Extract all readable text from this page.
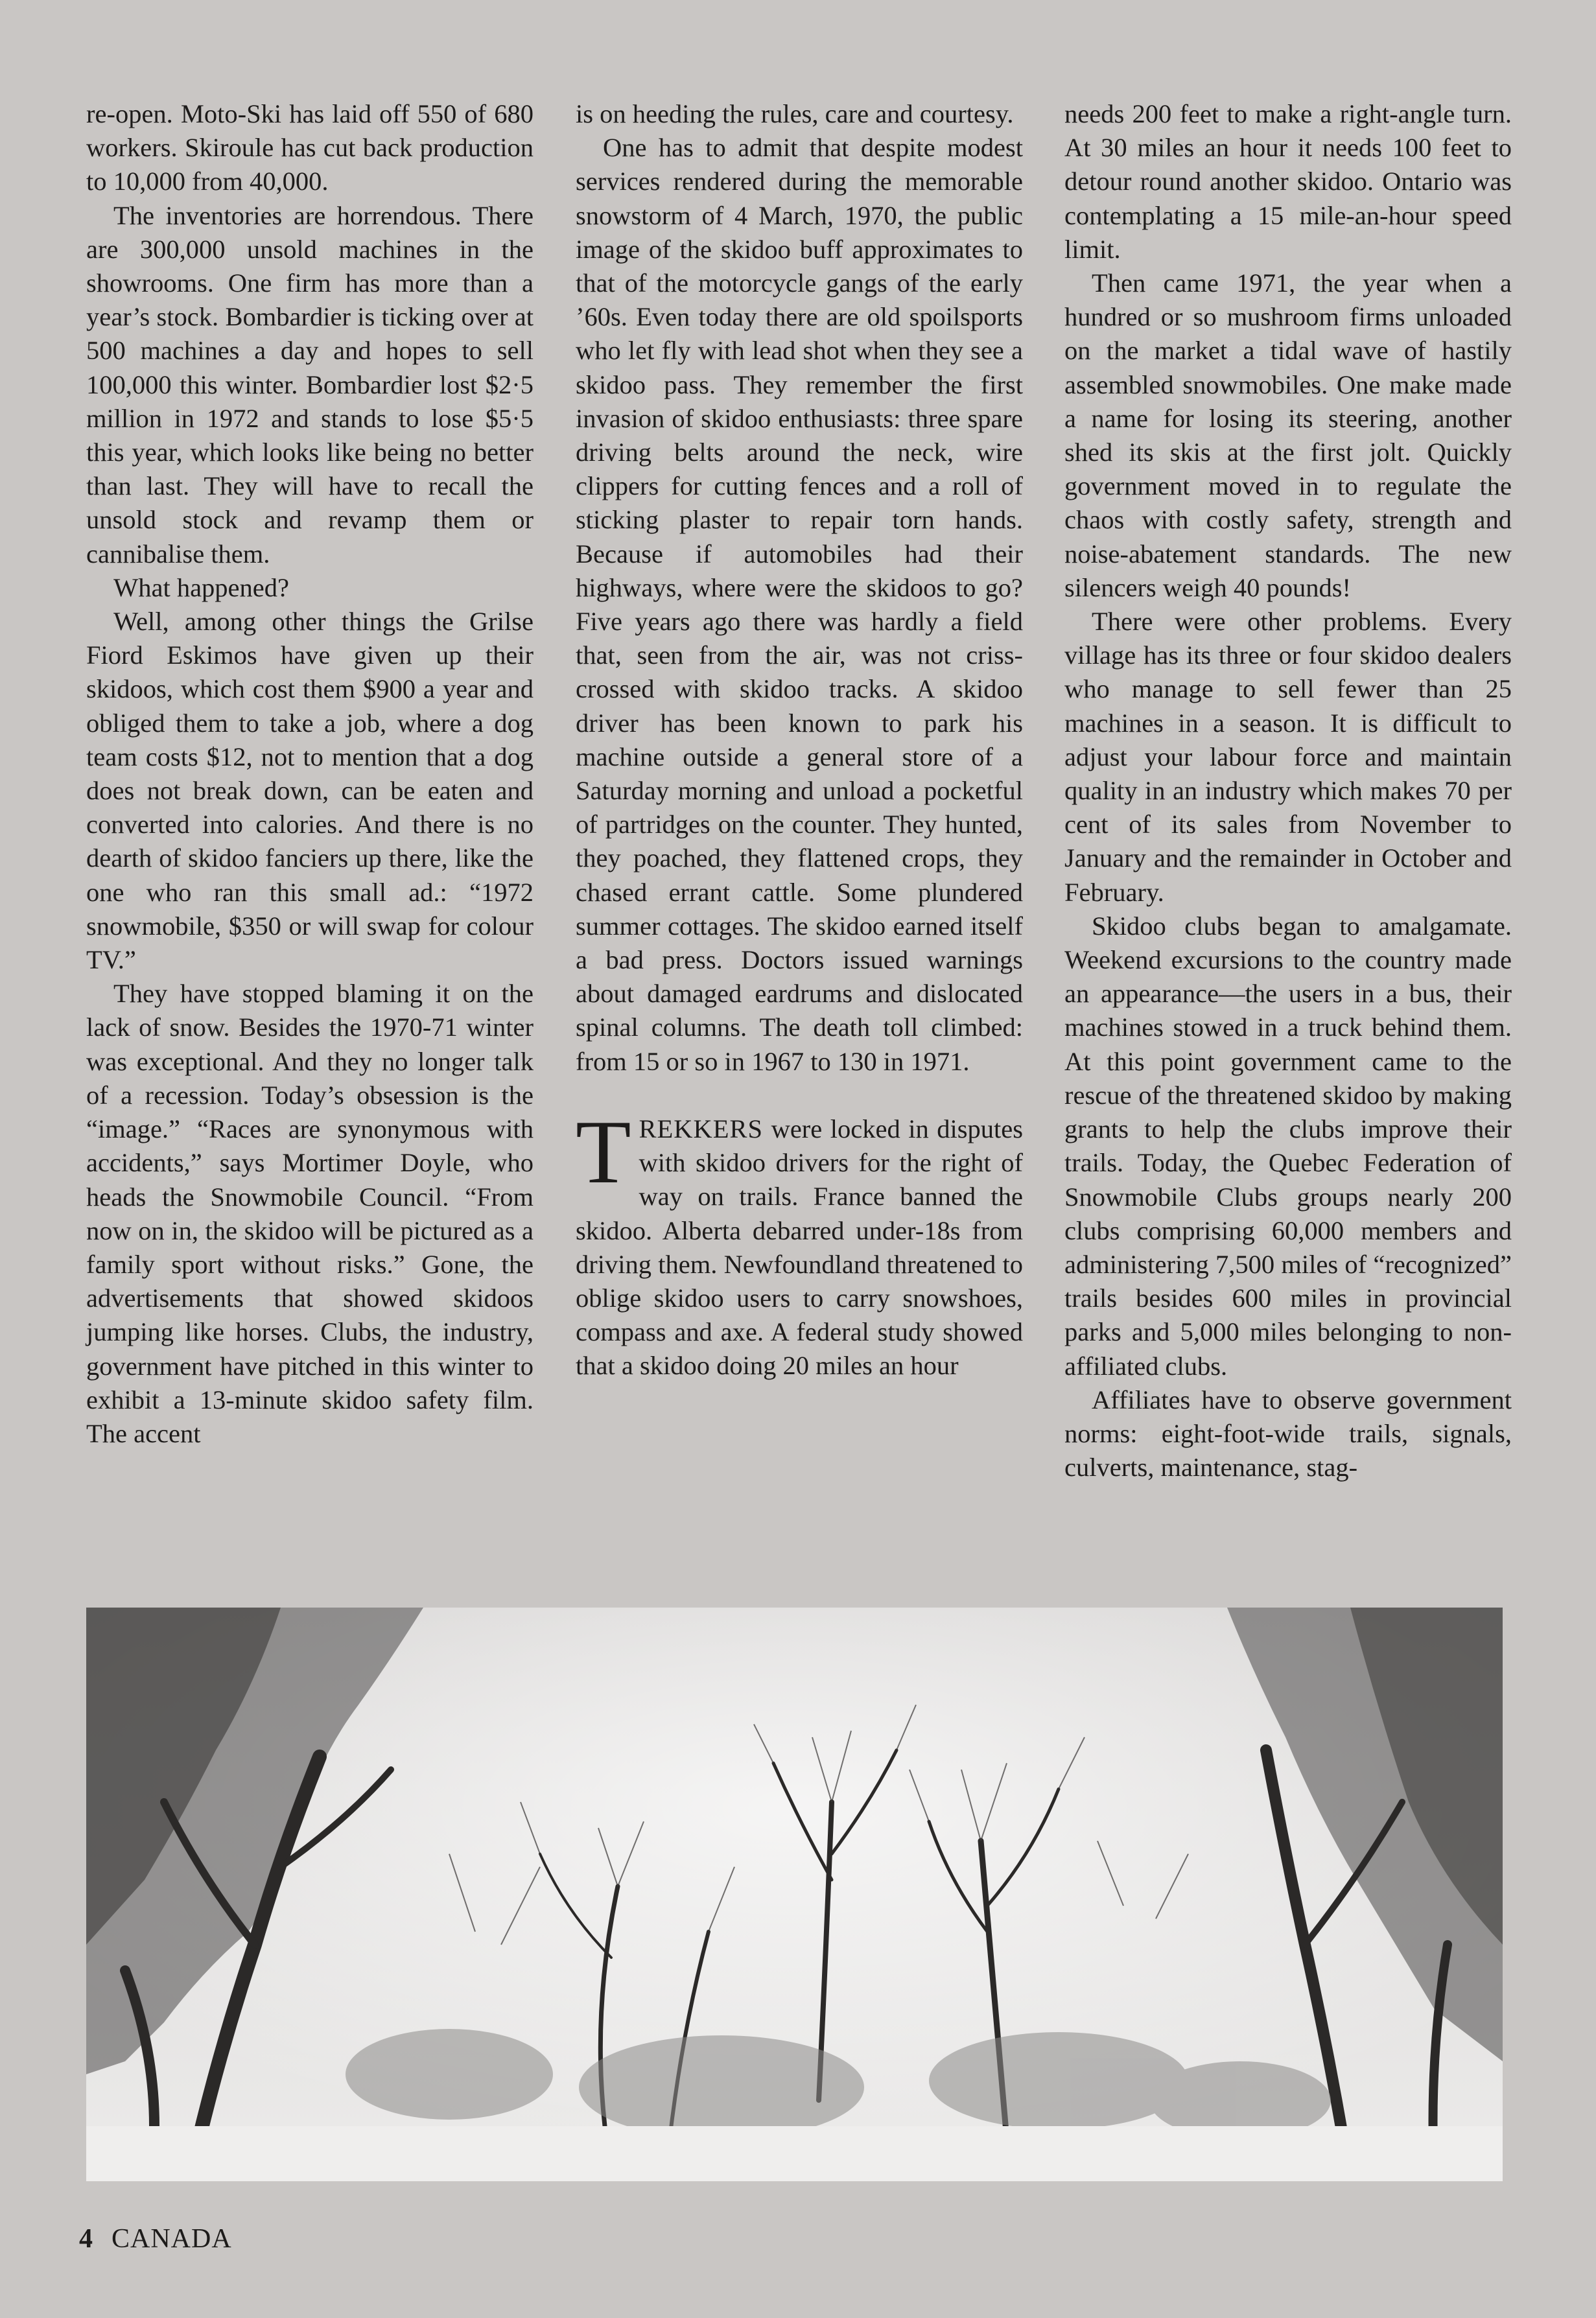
re-open. Moto-Ski has laid off 550 of 680 workers. Skiroule has cut back production to 10,000 from 40,000.

The inventories are horrendous. There are 300,000 unsold machines in the showrooms. One firm has more than a year’s stock. Bombardier is ticking over at 500 machines a day and hopes to sell 100,000 this winter. Bombardier lost $2·5 million in 1972 and stands to lose $5·5 this year, which looks like being no better than last. They will have to recall the unsold stock and revamp them or cannibalise them.

What happened?

Well, among other things the Grilse Fiord Eskimos have given up their skidoos, which cost them $900 a year and obliged them to take a job, where a dog team costs $12, not to mention that a dog does not break down, can be eaten and converted into calories. And there is no dearth of skidoo fanciers up there, like the one who ran this small ad.: “1972 snowmobile, $350 or will swap for colour TV.”

They have stopped blaming it on the lack of snow. Besides the 1970-71 winter was exceptional. And they no longer talk of a recession. Today’s obsession is the “image.” “Races are synonymous with accidents,” says Mortimer Doyle, who heads the Snowmobile Council. “From now on in, the skidoo will be pictured as a family sport without risks.” Gone, the advertisements that showed skidoos jumping like horses. Clubs, the industry, government have pitched in this winter to exhibit a 13-minute skidoo safety film. The accent

is on heeding the rules, care and courtesy.

One has to admit that despite modest services rendered during the memorable snowstorm of 4 March, 1970, the public image of the skidoo buff approximates to that of the motorcycle gangs of the early ’60s. Even today there are old spoilsports who let fly with lead shot when they see a skidoo pass. They remember the first invasion of skidoo enthusiasts: three spare driving belts around the neck, wire clippers for cutting fences and a roll of sticking plaster to repair torn hands. Because if automobiles had their highways, where were the skidoos to go? Five years ago there was hardly a field that, seen from the air, was not criss-crossed with skidoo tracks. A skidoo driver has been known to park his machine outside a general store of a Saturday morning and unload a pocketful of partridges on the counter. They hunted, they poached, they flattened crops, they chased errant cattle. Some plundered summer cottages. The skidoo earned itself a bad press. Doctors issued warnings about damaged eardrums and dislocated spinal columns. The death toll climbed: from 15 or so in 1967 to 130 in 1971.

TREKKERS were locked in disputes with skidoo drivers for the right of way on trails. France banned the skidoo. Alberta debarred under-18s from driving them. Newfoundland threatened to oblige skidoo users to carry snowshoes, compass and axe. A federal study showed that a skidoo doing 20 miles an hour

needs 200 feet to make a right-angle turn. At 30 miles an hour it needs 100 feet to detour round another skidoo. Ontario was contemplating a 15 mile-an-hour speed limit.

Then came 1971, the year when a hundred or so mushroom firms unloaded on the market a tidal wave of hastily assembled snowmobiles. One make made a name for losing its steering, another shed its skis at the first jolt. Quickly government moved in to regulate the chaos with costly safety, strength and noise-abatement standards. The new silencers weigh 40 pounds!

There were other problems. Every village has its three or four skidoo dealers who manage to sell fewer than 25 machines in a season. It is difficult to adjust your labour force and maintain quality in an industry which makes 70 per cent of its sales from November to January and the remainder in October and February.

Skidoo clubs began to amalgamate. Weekend excursions to the country made an appearance—the users in a bus, their machines stowed in a truck behind them. At this point government came to the rescue of the threatened skidoo by making grants to help the clubs improve their trails. Today, the Quebec Federation of Snowmobile Clubs groups nearly 200 clubs comprising 60,000 members and administering 7,500 miles of “recognized” trails besides 600 miles in provincial parks and 5,000 miles belonging to non-affiliated clubs.

Affiliates have to observe government norms: eight-foot-wide trails, signals, culverts, maintenance, stag-

4 CANADA
